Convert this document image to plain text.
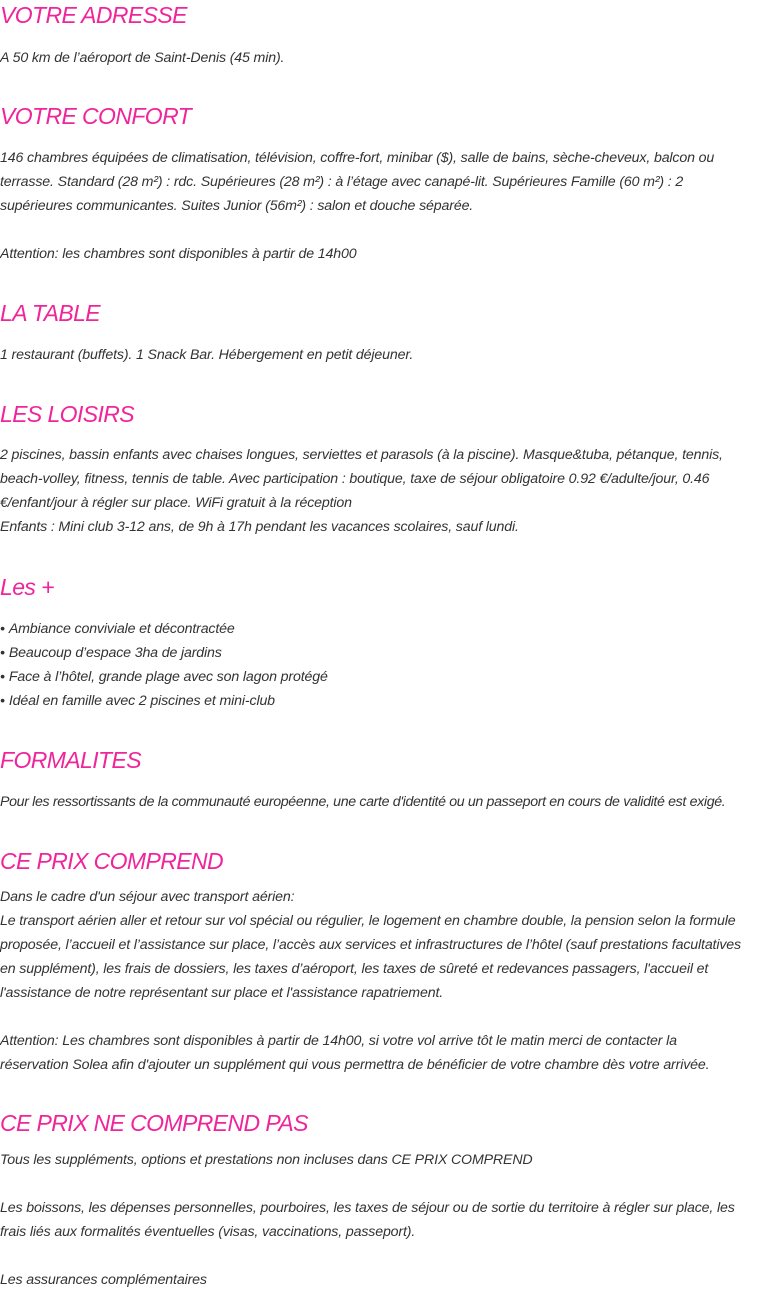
VOTRE ADRESSE

A 50 km de l’aéroport de Saint-Denis (45 min).

VOTRE CONFORT

146 chambres équipées de climatisation, télévision, coffre-fort, minibar ($), salle de bains, sèche-cheveux, balcon ou
terrasse. Standard (28 m²) : rdc. Supérieures (28 m²) : à l’étage avec canapé-lit. Supérieures Famille (60 m²) : 2
supérieures communicantes. Suites Junior (56m²) : salon et douche séparée.

Attention: les chambres sont disponibles à partir de 14h00

LA TABLE

1 restaurant (buffets). 1 Snack Bar. Hébergement en petit déjeuner.

LES LOISIRS

2 piscines, bassin enfants avec chaises longues, serviettes et parasols (à la piscine). Masque&tuba, pétanque, tennis,
beach-volley, fitness, tennis de table. Avec participation : boutique, taxe de séjour obligatoire 0.92 €/adulte/jour, 0.46
€/enfant/jour à régler sur place. WiFi gratuit à la réception
Enfants : Mini club 3-12 ans, de 9h à 17h pendant les vacances scolaires, sauf lundi.

Les +
• Ambiance conviviale et décontractée
• Beaucoup d’espace 3ha de jardins
• Face à l’hôtel, grande plage avec son lagon protégé
• Idéal en famille avec 2 piscines et mini-club
FORMALITES

Pour les ressortissants de la communauté européenne, une carte d'identité ou un passeport en cours de validité est exigé.

CE PRIX COMPREND

Dans le cadre d'un séjour avec transport aérien:
Le transport aérien aller et retour sur vol spécial ou régulier, le logement en chambre double, la pension selon la formule
proposée, l’accueil et l’assistance sur place, l’accès aux services et infrastructures de l’hôtel (sauf prestations facultatives
en supplément), les frais de dossiers, les taxes d’aéroport, les taxes de sûreté et redevances passagers, l'accueil et
l'assistance de notre représentant sur place et l'assistance rapatriement.

Attention: Les chambres sont disponibles à partir de 14h00, si votre vol arrive tôt le matin merci de contacter la
réservation Solea afin d'ajouter un supplément qui vous permettra de bénéficier de votre chambre dès votre arrivée.

CE PRIX NE COMPREND PAS

Tous les suppléments, options et prestations non incluses dans CE PRIX COMPREND

Les boissons, les dépenses personnelles, pourboires, les taxes de séjour ou de sortie du territoire à régler sur place, les
frais liés aux formalités éventuelles (visas, vaccinations, passeport).

Les assurances complémentaires
